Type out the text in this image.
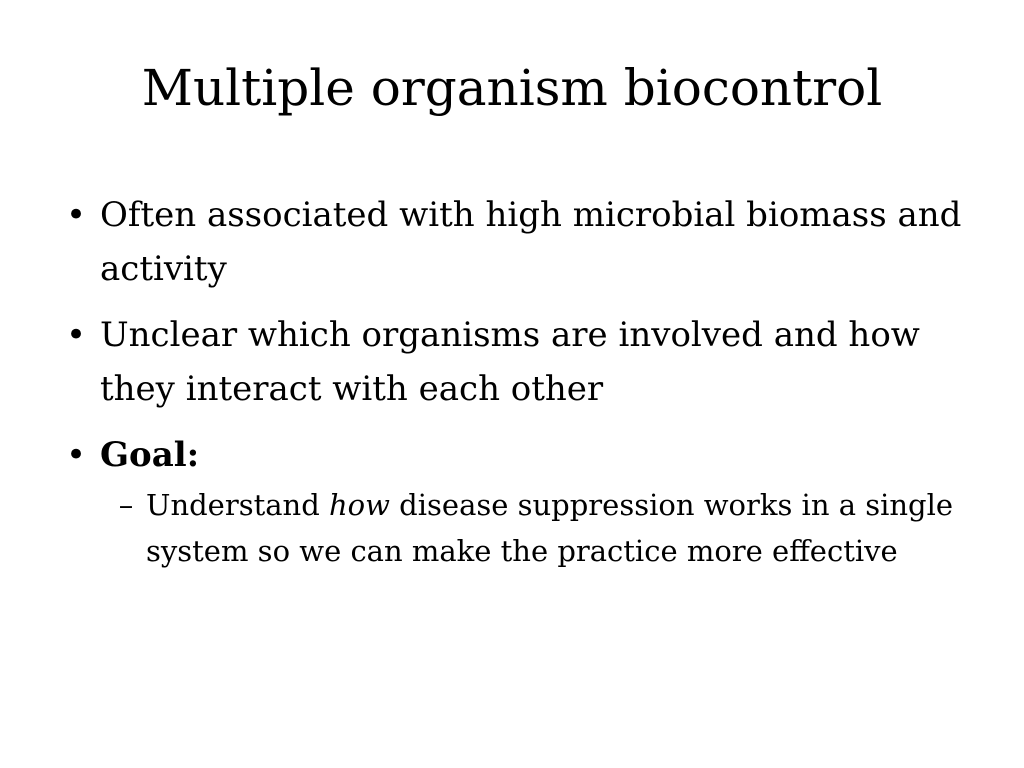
Multiple organism biocontrol
• Often associated with high microbial biomass and activity
• Unclear which organisms are involved and how they interact with each other
• Goal:
– Understand how disease suppression works in a single system so we can make the practice more effective
